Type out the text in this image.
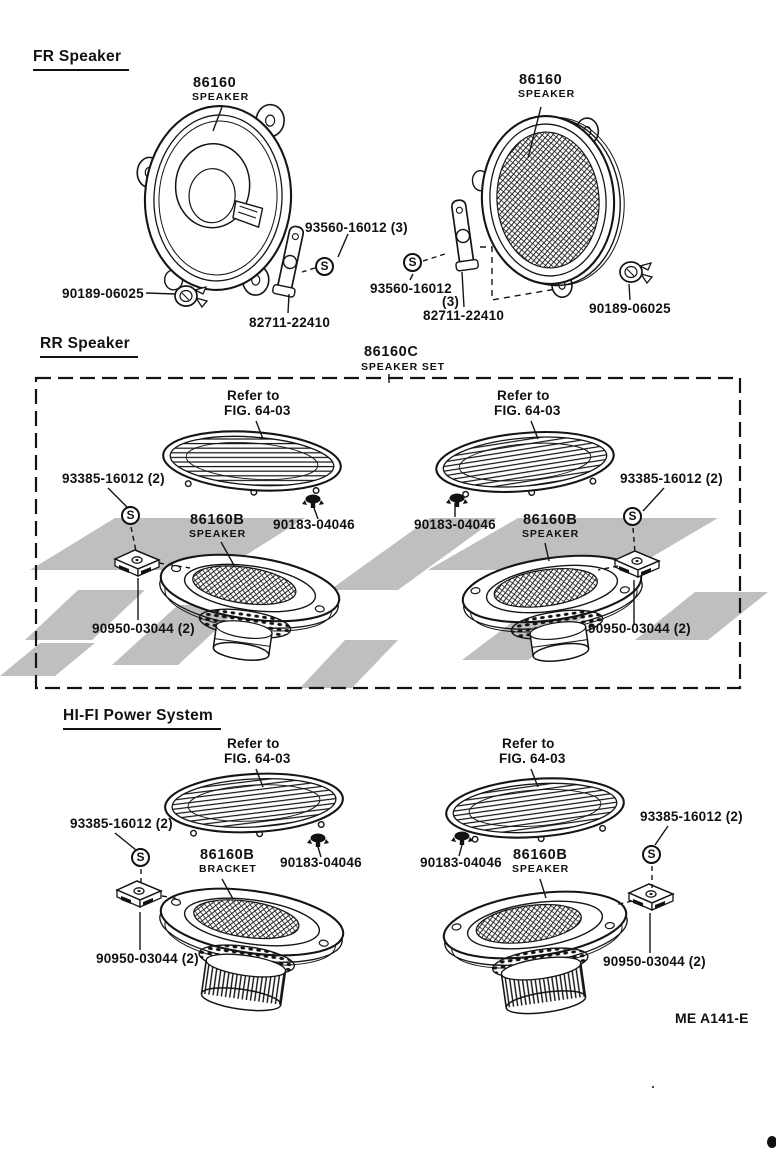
FR Speaker
86160
SPEAKER
86160
SPEAKER
93560-16012 (3)
S
90189-06025
82711-22410
S
93560-16012
(3)
82711-22410	90189-06025
RR Speaker	86160C
SPEAKER SET
Refer to
FIG. 64-03
Refer to
FIG. 64-03
93385-16012 (2)	93385-16012 (2)
S	S
86160B
SPEAKER
90183-04046	90183-04046 86160B
SPEAKER
90950-03044 (2)	90950-03044 (2)
HI-FI Power System
Refer to
FIG. 64-03
Refer to
FIG. 64-03
93385-16012 (2)	93385-16012 (2)
S	S
86160B
BRACKET 90183-04046	90183-04046 86160B
SPEAKER
90950-03044 (2)	90950-03044 (2)
ME A141-E
